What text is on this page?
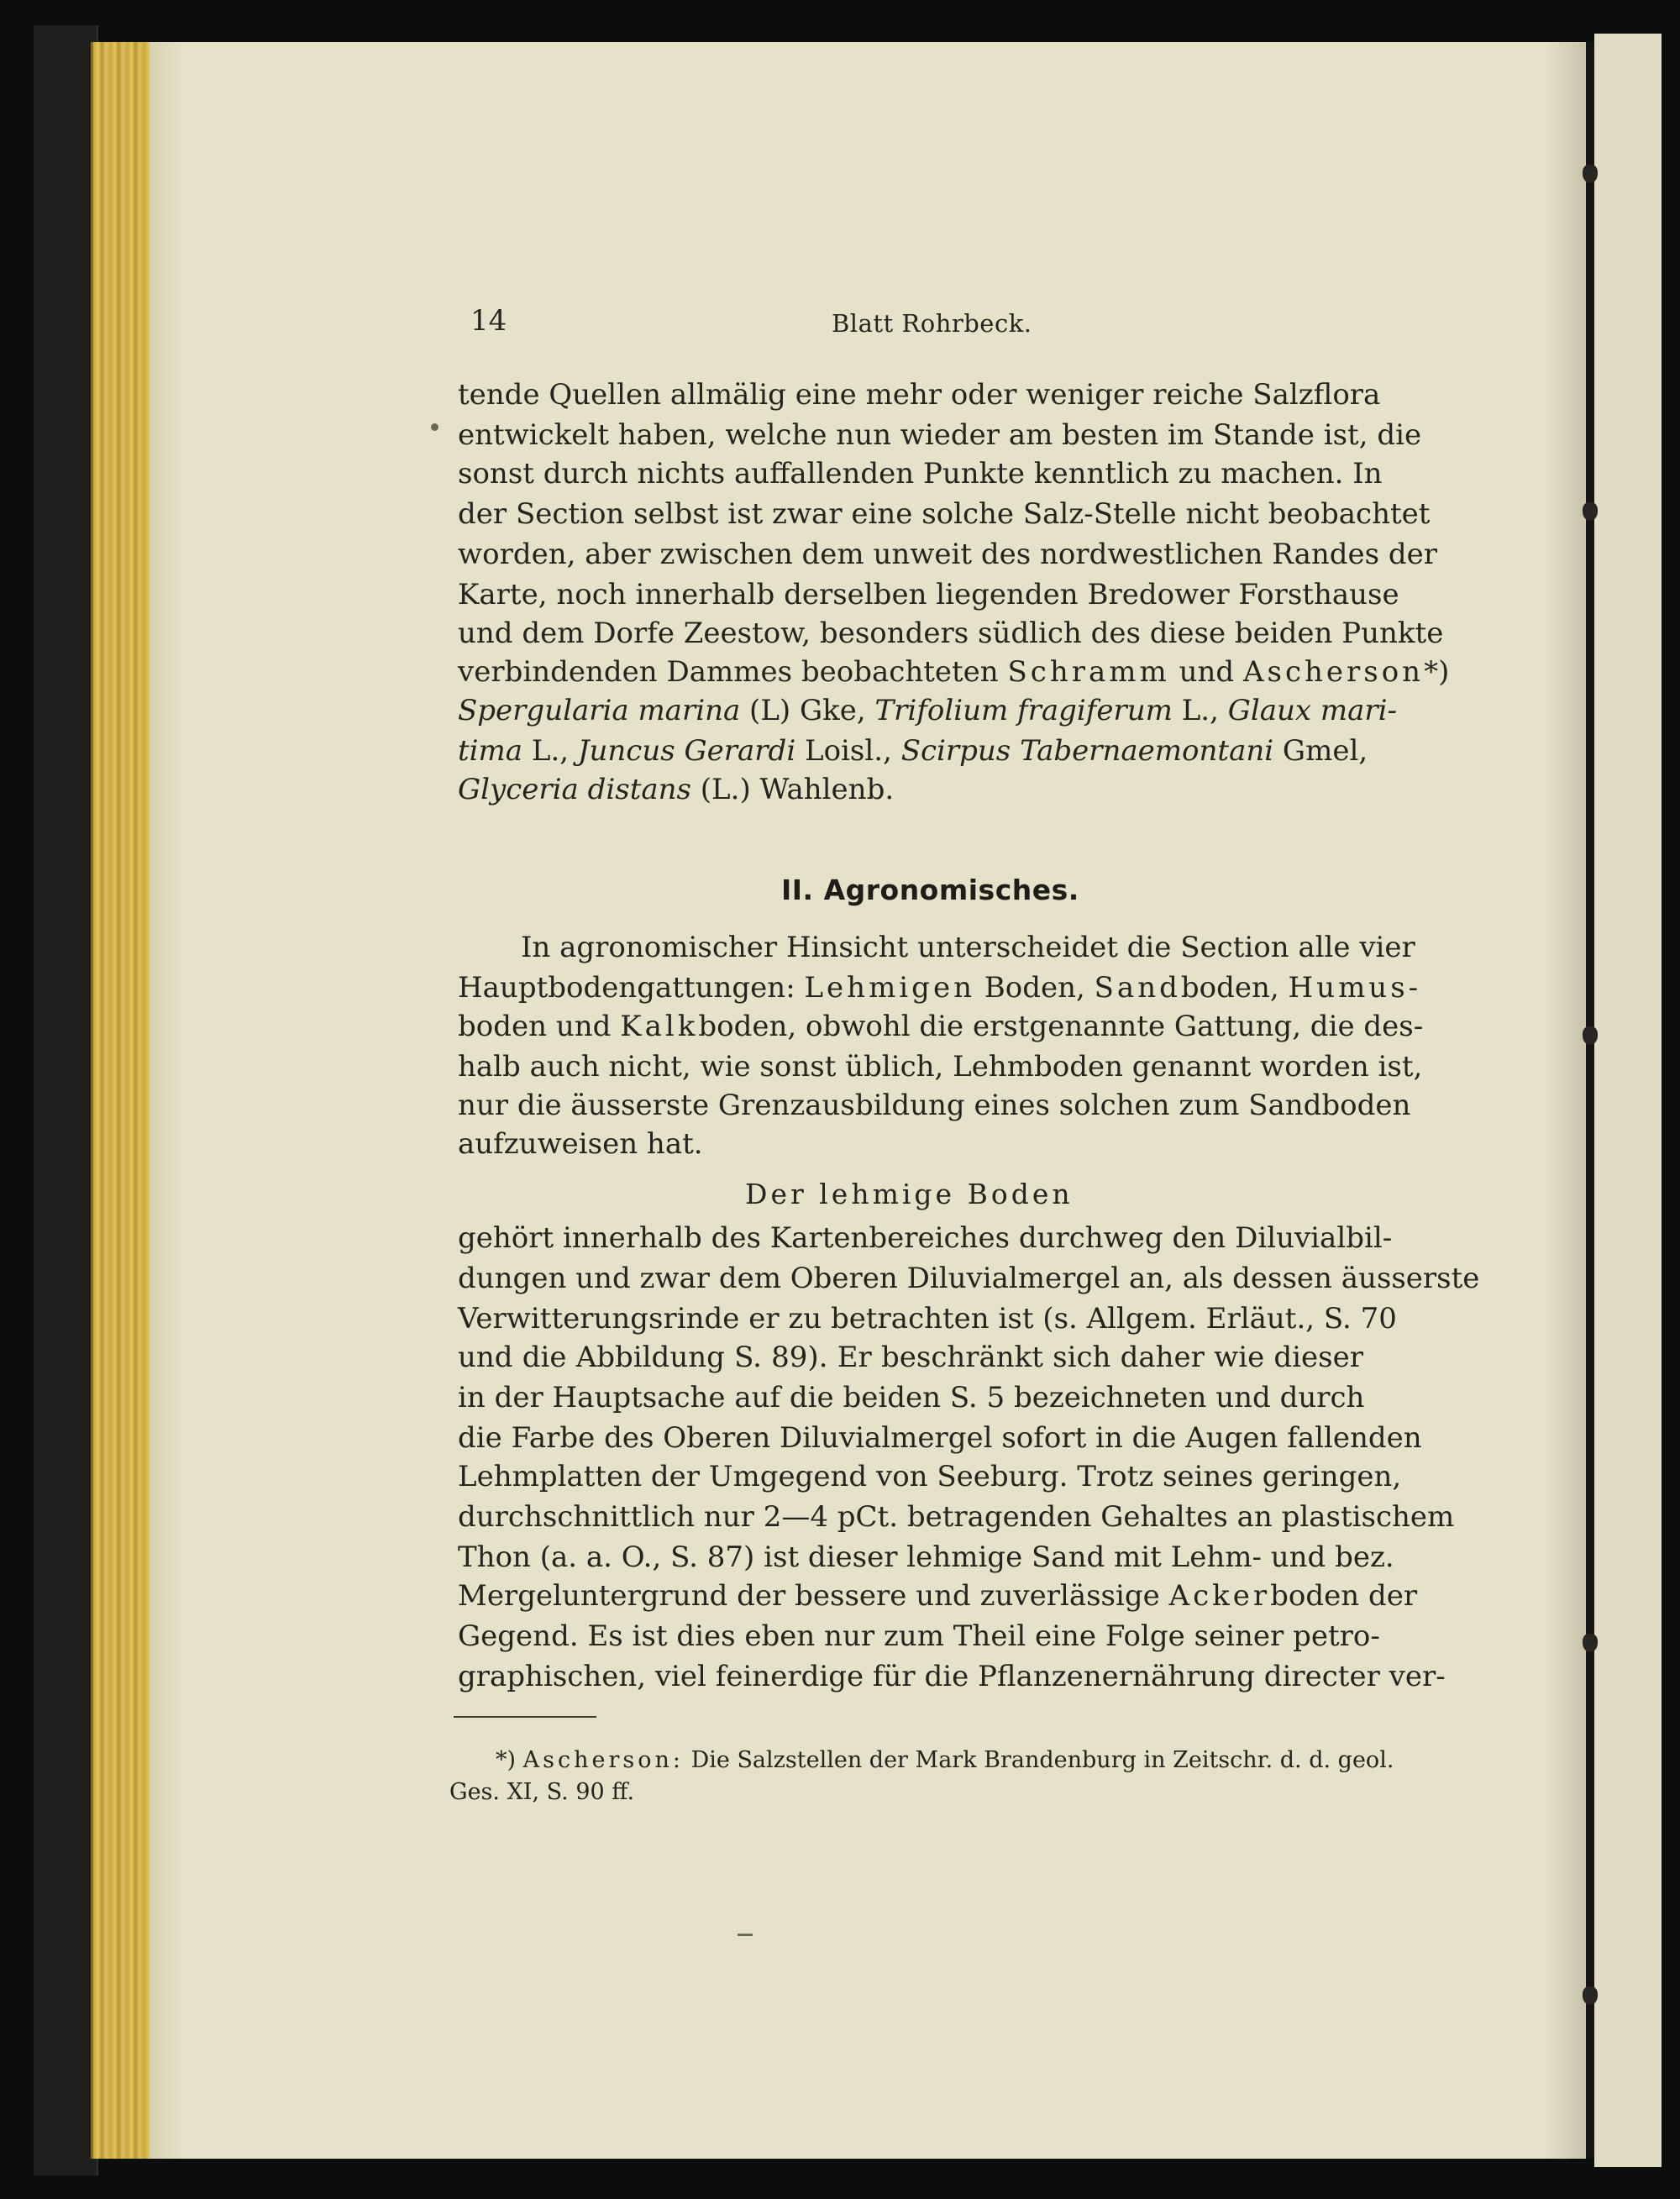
14	Blatt Rohrbeck.
tende Quellen allmälig eine mehr oder weniger reiche Salzflora
entwickelt haben, welche nun wieder am besten im Stande ist, die
sonst durch nichts auffallenden Punkte kenntlich zu machen. In
der Section selbst ist zwar eine solche Salz-Stelle nicht beobachtet
worden, aber zwischen dem unweit des nordwestlichen Randes der
Karte, noch innerhalb derselben liegenden Bredower Forsthause
und dem Dorfe Zeestow, besonders südlich des diese beiden Punkte
verbindenden Dammes beobachteten Schramm und Ascherson*)
Spergularia marina (L) Gke, Trifolium fragiferum L., Glaux mari-
tima L., Juncus Gerardi Loisl., Scirpus Tabernaemontani Gmel,
Glyceria distans (L.) Wahlenb.
II. Agronomisches.
In agronomischer Hinsicht unterscheidet die Section alle vier
Hauptbodengattungen: Lehmigen Boden, Sandboden, Humus-
boden und Kalkboden, obwohl die erstgenannte Gattung, die des-
halb auch nicht, wie sonst üblich, Lehmboden genannt worden ist,
nur die äusserste Grenzausbildung eines solchen zum Sandboden
aufzuweisen hat.
Der lehmige Boden
gehört innerhalb des Kartenbereiches durchweg den Diluvialbil-
dungen und zwar dem Oberen Diluvialmergel an, als dessen äusserste
Verwitterungsrinde er zu betrachten ist (s. Allgem. Erläut., S. 70
und die Abbildung S. 89). Er beschränkt sich daher wie dieser
in der Hauptsache auf die beiden S. 5 bezeichneten und durch
die Farbe des Oberen Diluvialmergel sofort in die Augen fallenden
Lehmplatten der Umgegend von Seeburg. Trotz seines geringen,
durchschnittlich nur 2—4 pCt. betragenden Gehaltes an plastischem
Thon (a. a. O., S. 87) ist dieser lehmige Sand mit Lehm- und bez.
Mergeluntergrund der bessere und zuverlässige Ackerboden der
Gegend. Es ist dies eben nur zum Theil eine Folge seiner petro-
graphischen, viel feinerdige für die Pflanzenernährung directer ver-
*) Ascherson: Die Salzstellen der Mark Brandenburg in Zeitschr. d. d. geol.
Ges. XI, S. 90 ff.
